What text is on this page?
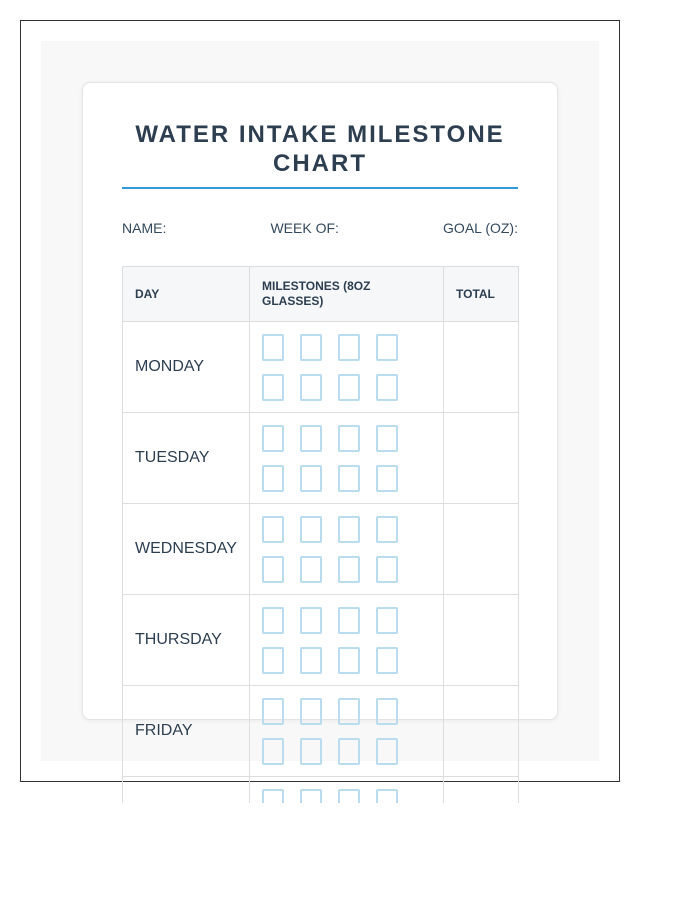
WATER INTAKE MILESTONE CHART
NAME:	WEEK OF:	GOAL (OZ):
DAY	MILESTONES (8OZ GLASSES)	TOTAL
MONDAY	

TUESDAY	

WEDNESDAY	

THURSDAY	

FRIDAY	
